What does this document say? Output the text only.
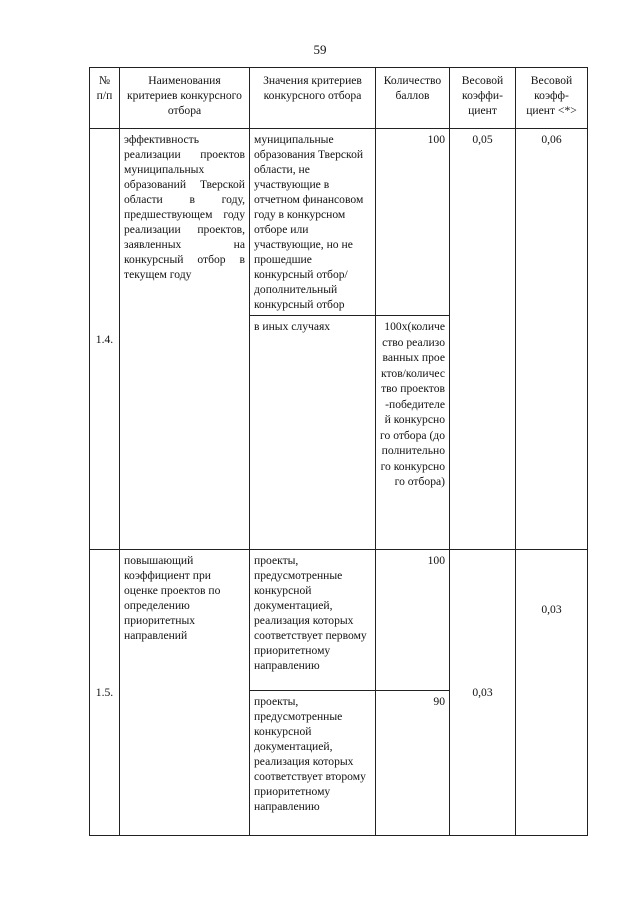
59
№ п/п	Наименования критериев конкурсного отбора	Значения критериев конкурсного отбора	Количество баллов	Весовой коэффи-циент	Весовой коэфф-циент <*>
1.4.	эффективность реализации проектов муниципальных образований Тверской области в году, предшествующем году реализации проектов, заявленных на конкурсный отбор в текущем году	муниципальные образования Тверской области, не участвующие в отчетном финансовом году в конкурсном отборе или участвующие, но не прошедшие конкурсный отбор/ дополнительный конкурсный отбор	100	0,05	0,06
		в иных случаях	100х(количество реализованных проектов/количество проектов-победителей конкурсного отбора (дополнительного конкурсного отбора)		
1.5.	повышающий коэффициент при оценке проектов по определению приоритетных направлений	проекты, предусмотренные конкурсной документацией, реализация которых соответствует первому приоритетному направлению	100	0,03	0,03
		проекты, предусмотренные конкурсной документацией, реализация которых соответствует второму приоритетному направлению	90		
